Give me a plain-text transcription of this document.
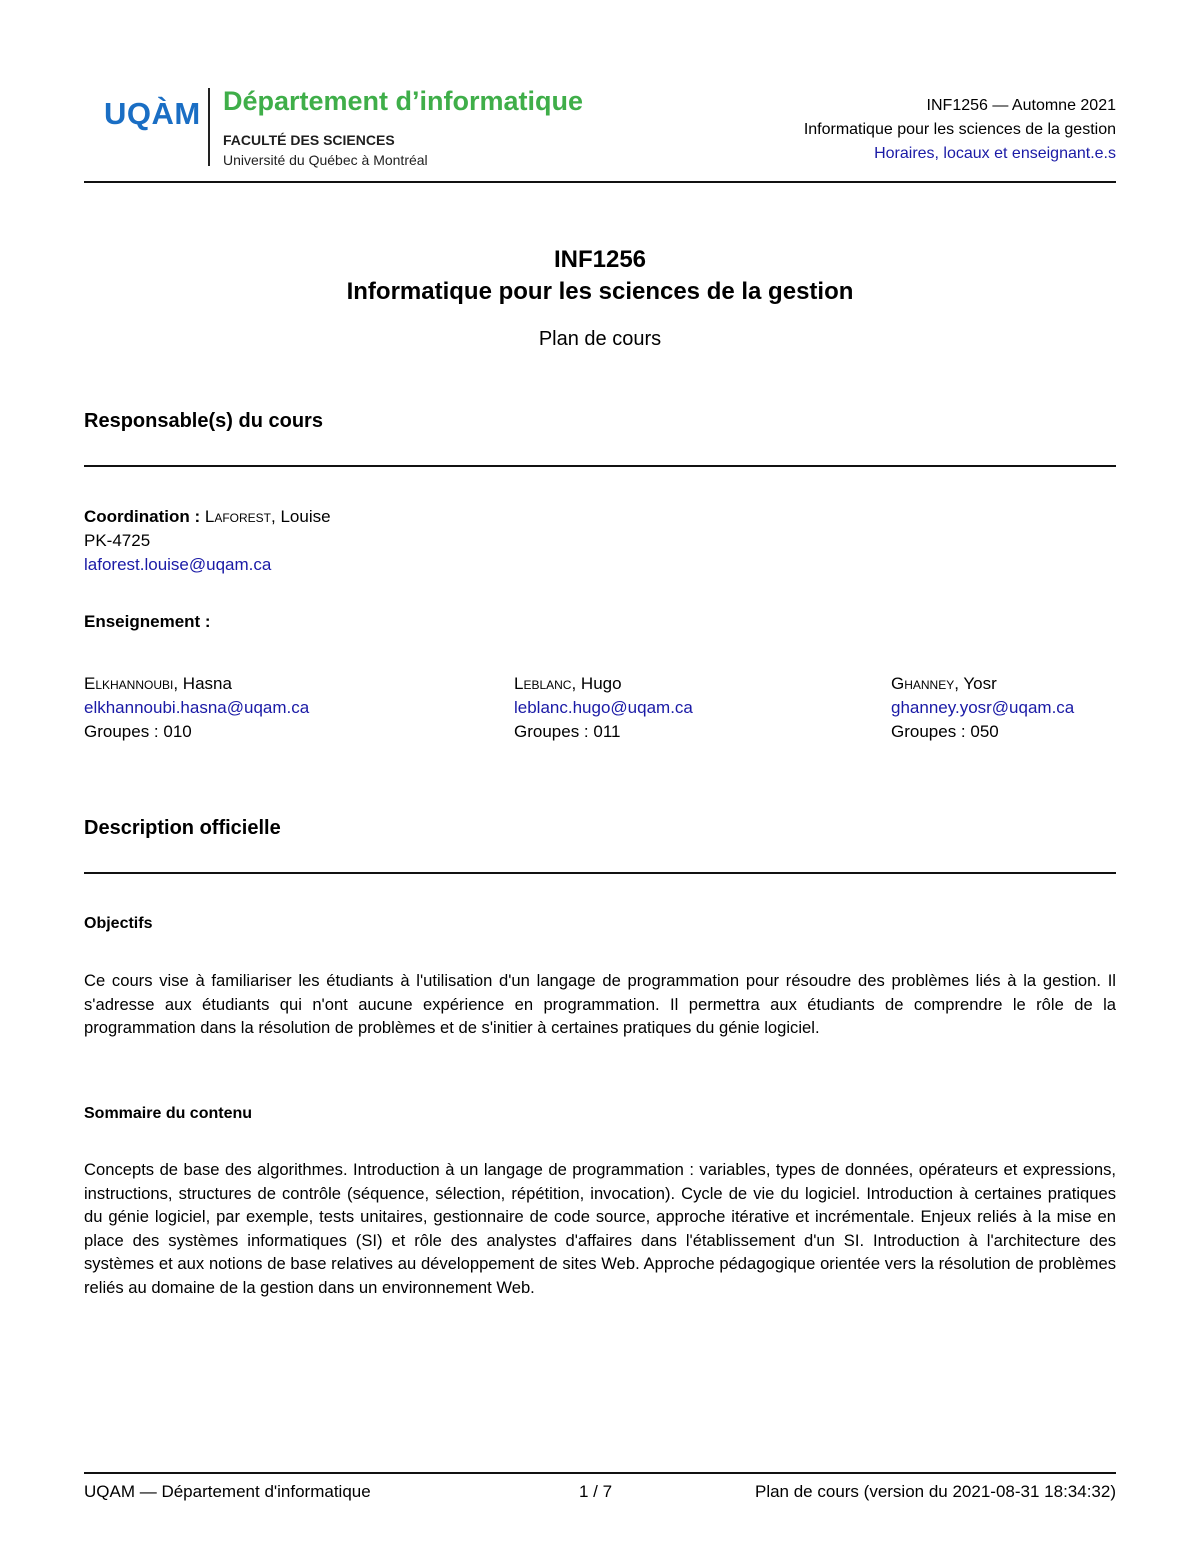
UQÀM Département d’informatique
FACULTÉ DES SCIENCES
Université du Québec à Montréal
INF1256 — Automne 2021
Informatique pour les sciences de la gestion
Horaires, locaux et enseignant.e.s
INF1256
Informatique pour les sciences de la gestion
Plan de cours
Responsable(s) du cours
Coordination : Laforest, Louise
PK-4725
laforest.louise@uqam.ca
Enseignement :
Elkhannoubi, Hasna
elkhannoubi.hasna@uqam.ca
Groupes : 010
Leblanc, Hugo
leblanc.hugo@uqam.ca
Groupes : 011
Ghanney, Yosr
ghanney.yosr@uqam.ca
Groupes : 050
Description officielle
Objectifs
Ce cours vise à familiariser les étudiants à l'utilisation d'un langage de programmation pour résoudre des problèmes liés à la gestion. Il s'adresse aux étudiants qui n'ont aucune expérience en programmation. Il permettra aux étudiants de comprendre le rôle de la programmation dans la résolution de problèmes et de s'initier à certaines pratiques du génie logiciel.
Sommaire du contenu
Concepts de base des algorithmes. Introduction à un langage de programmation : variables, types de données, opérateurs et expressions, instructions, structures de contrôle (séquence, sélection, répétition, invocation). Cycle de vie du logiciel. Introduction à certaines pratiques du génie logiciel, par exemple, tests unitaires, gestionnaire de code source, approche itérative et incrémentale. Enjeux reliés à la mise en place des systèmes informatiques (SI) et rôle des analystes d'affaires dans l'établissement d'un SI. Introduction à l'architecture des systèmes et aux notions de base relatives au développement de sites Web. Approche pédagogique orientée vers la résolution de problèmes reliés au domaine de la gestion dans un environnement Web.
UQAM — Département d'informatique	1 / 7	Plan de cours (version du 2021-08-31 18:34:32)
